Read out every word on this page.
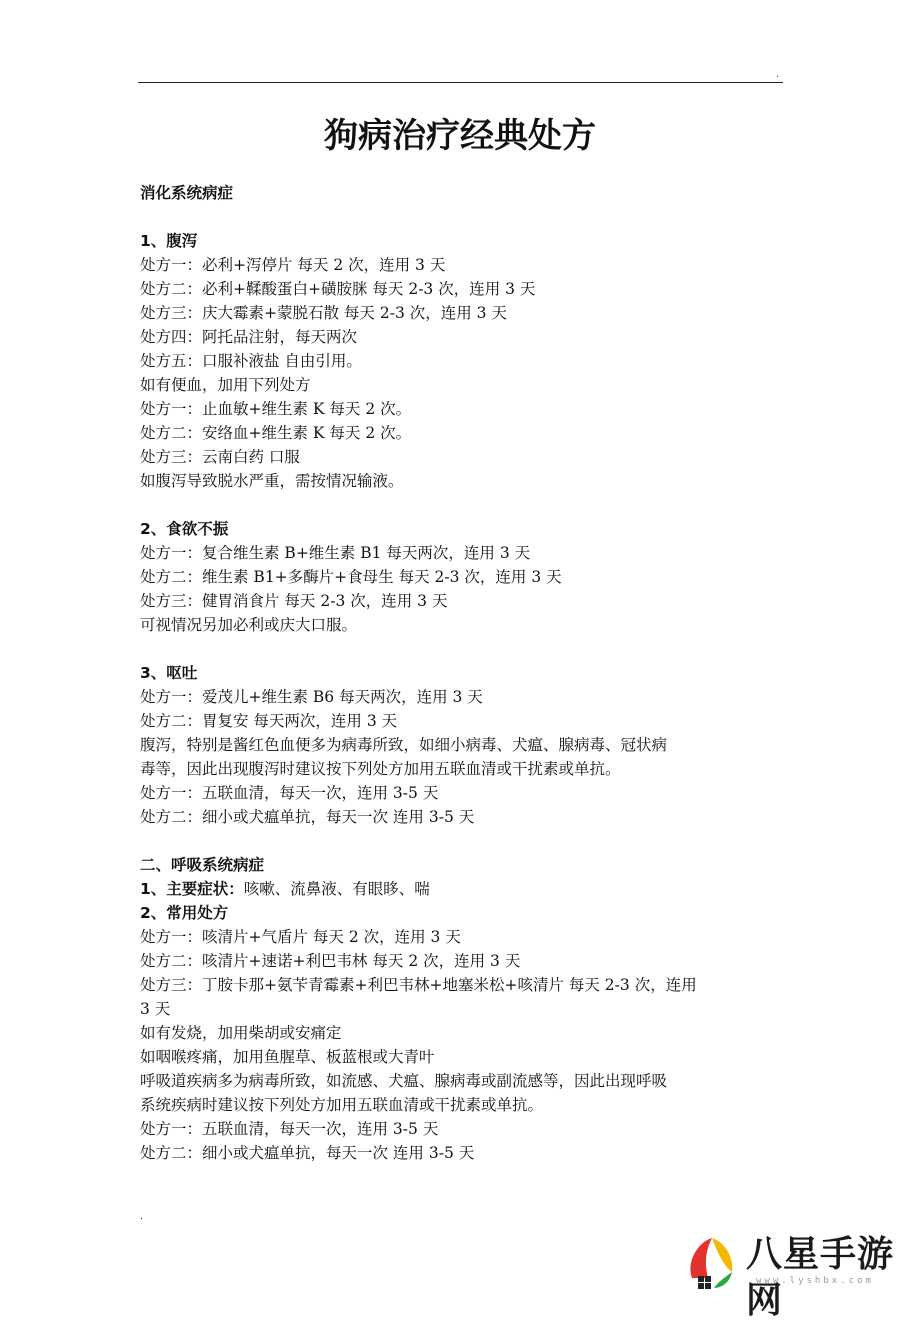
.
狗病治疗经典处方
消化系统病症
1、腹泻
处方一：必利+泻停片 每天 2 次，连用 3 天
处方二：必利+鞣酸蛋白+磺胺脒 每天 2-3 次，连用 3 天
处方三：庆大霉素+蒙脱石散 每天 2-3 次，连用 3 天
处方四：阿托品注射，每天两次
处方五：口服补液盐 自由引用。
如有便血，加用下列处方
处方一：止血敏+维生素 K 每天 2 次。
处方二：安络血+维生素 K 每天 2 次。
处方三：云南白药 口服
如腹泻导致脱水严重，需按情况输液。
2、食欲不振
处方一：复合维生素 B+维生素 B1 每天两次，连用 3 天
处方二：维生素 B1+多酶片+食母生 每天 2-3 次，连用 3 天
处方三：健胃消食片 每天 2-3 次，连用 3 天
可视情况另加必利或庆大口服。
3、呕吐
处方一：爱茂儿+维生素 B6 每天两次，连用 3 天
处方二：胃复安 每天两次，连用 3 天
腹泻，特别是酱红色血便多为病毒所致，如细小病毒、犬瘟、腺病毒、冠状病
毒等，因此出现腹泻时建议按下列处方加用五联血清或干扰素或单抗。
处方一：五联血清，每天一次，连用 3-5 天
处方二：细小或犬瘟单抗，每天一次 连用 3-5 天
二、呼吸系统病症
1、主要症状：咳嗽、流鼻液、有眼眵、喘
2、常用处方
处方一：咳清片+气盾片 每天 2 次，连用 3 天
处方二：咳清片+速诺+利巴韦林 每天 2 次，连用 3 天
处方三：丁胺卡那+氨苄青霉素+利巴韦林+地塞米松+咳清片 每天 2-3 次，连用
3 天
如有发烧，加用柴胡或安痛定
如咽喉疼痛，加用鱼腥草、板蓝根或大青叶
呼吸道疾病多为病毒所致，如流感、犬瘟、腺病毒或副流感等，因此出现呼吸
系统疾病时建议按下列处方加用五联血清或干扰素或单抗。
处方一：五联血清，每天一次，连用 3-5 天
处方二：细小或犬瘟单抗，每天一次 连用 3-5 天
.
八星手游网
www.lyshbx.com
